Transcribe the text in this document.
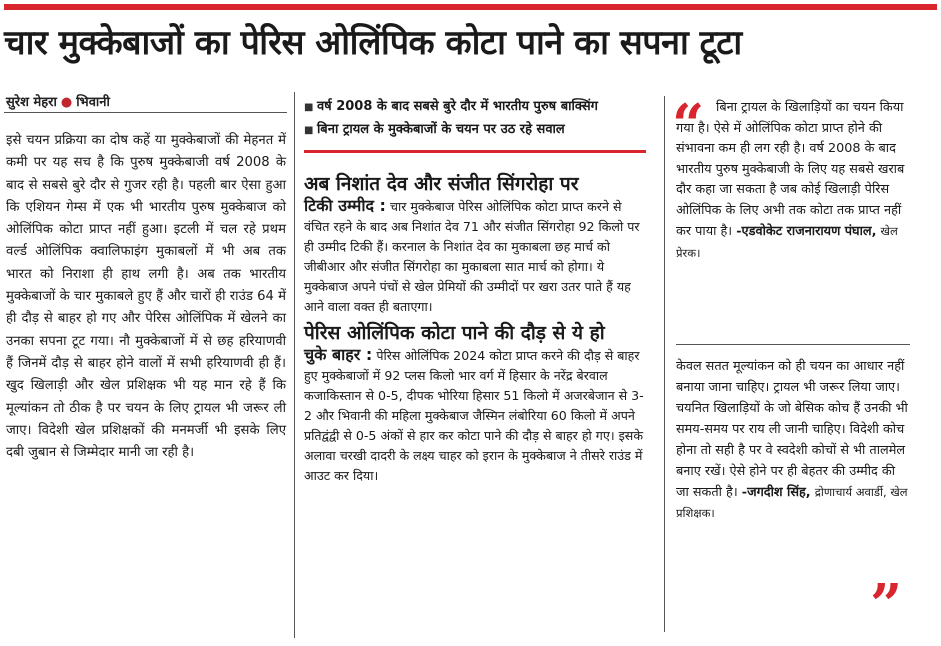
चार मुक्केबाजों का पेरिस ओलिंपिक कोटा पाने का सपना टूटा
सुरेश मेहरा ● भिवानी
इसे चयन प्रक्रिया का दोष कहें या मुक्केबाजों की मेहनत में कमी पर यह सच है कि पुरुष मुक्केबाजी वर्ष 2008 के बाद से सबसे बुरे दौर से गुजर रही है। पहली बार ऐसा हुआ कि एशियन गेम्स में एक भी भारतीय पुरुष मुक्केबाज को ओलिंपिक कोटा प्राप्त नहीं हुआ। इटली में चल रहे प्रथम वर्ल्ड ओलिंपिक क्वालिफाइंग मुकाबलों में भी अब तक भारत को निराशा ही हाथ लगी है। अब तक भारतीय मुक्केबाजों के चार मुकाबले हुए हैं और चारों ही राउंड 64 में ही दौड़ से बाहर हो गए और पेरिस ओलिंपिक में खेलने का उनका सपना टूट गया। नौ मुक्केबाजों में से छह हरियाणवी हैं जिनमें दौड़ से बाहर होने वालों में सभी हरियाणवी ही हैं। खुद खिलाड़ी और खेल प्रशिक्षक भी यह मान रहे हैं कि मूल्यांकन तो ठीक है पर चयन के लिए ट्रायल भी जरूर ली जाए। विदेशी खेल प्रशिक्षकों की मनमर्जी भी इसके लिए दबी जुबान से जिम्मेदार मानी जा रही है।
■ वर्ष 2008 के बाद सबसे बुरे दौर में भारतीय पुरुष बाक्सिंग
■ बिना ट्रायल के मुक्केबाजों के चयन पर उठ रहे सवाल
अब निशांत देव और संजीत सिंगरोहा पर

टिकी उम्मीद : चार मुक्केबाज पेरिस ओलिंपिक कोटा प्राप्त करने से वंचित रहने के बाद अब निशांत देव 71 और संजीत सिंगरोहा 92 किलो पर ही उम्मीद टिकी हैं। करनाल के निशांत देव का मुकाबला छह मार्च को जीबीआर और संजीत सिंगरोहा का मुकाबला सात मार्च को होगा। ये मुक्केबाज अपने पंचों से खेल प्रेमियों की उम्मीदों पर खरा उतर पाते हैं यह आने वाला वक्त ही बताएगा।

पेरिस ओलिंपिक कोटा पाने की दौड़ से ये हो

चुके बाहर : पेरिस ओलिंपिक 2024 कोटा प्राप्त करने की दौड़ से बाहर हुए मुक्केबाजों में 92 प्लस किलो भार वर्ग में हिसार के नरेंद्र बेरवाल कजाकिस्तान से 0-5, दीपक भोरिया हिसार 51 किलो में अजरबेजान से 3-2 और भिवानी की महिला मुक्केबाज जैस्मिन लंबोरिया 60 किलो में अपने प्रतिद्वंद्वी से 0-5 अंकों से हार कर कोटा पाने की दौड़ से बाहर हो गए। इसके अलावा चरखी दादरी के लक्ष्य चाहर को इरान के मुक्केबाज ने तीसरे राउंड में आउट कर दिया।

“ बिना ट्रायल के खिलाड़ियों का चयन किया गया है। ऐसे में ओलिंपिक कोटा प्राप्त होने की संभावना कम ही लग रही है। वर्ष 2008 के बाद भारतीय पुरुष मुक्केबाजी के लिए यह सबसे खराब दौर कहा जा सकता है जब कोई खिलाड़ी पेरिस ओलिंपिक के लिए अभी तक कोटा तक प्राप्त नहीं कर पाया है। -एडवोकेट राजनारायण पंघाल, खेल प्रेरक।
केवल सतत मूल्यांकन को ही चयन का आधार नहीं बनाया जाना चाहिए। ट्रायल भी जरूर लिया जाए। चयनित खिलाड़ियों के जो बेसिक कोच हैं उनकी भी समय-समय पर राय ली जानी चाहिए। विदेशी कोच होना तो सही है पर वे स्वदेशी कोचों से भी तालमेल बनाए रखें। ऐसे होने पर ही बेहतर की उम्मीद की जा सकती है। -जगदीश सिंह, द्रोणाचार्य अवार्डी, खेल प्रशिक्षक।
”
